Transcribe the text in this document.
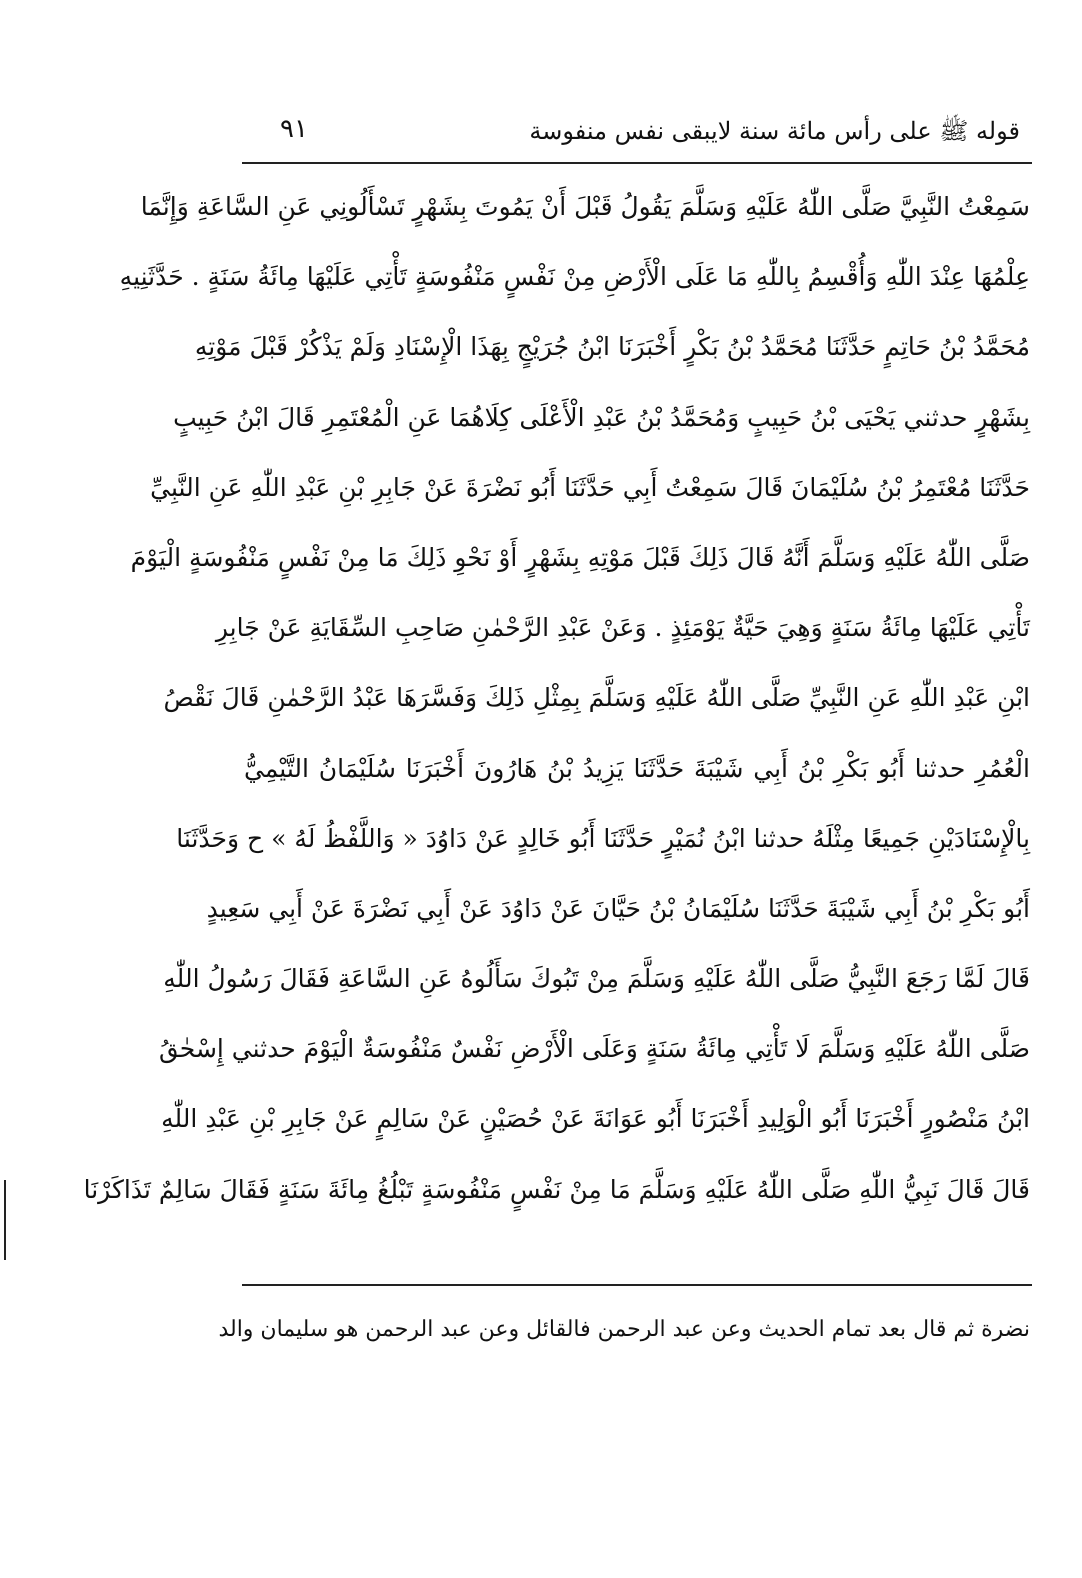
قوله ﷺ على رأس مائة سنة لايبقى نفس منفوسة
٩١
سَمِعْتُ النَّبِيَّ صَلَّى اللّٰهُ عَلَيْهِ وَسَلَّمَ يَقُولُ قَبْلَ أَنْ يَمُوتَ بِشَهْرٍ تَسْأَلُونِي عَنِ السَّاعَةِ وَإِنَّمَا
عِلْمُهَا عِنْدَ اللّٰهِ وَأُقْسِمُ بِاللّٰهِ مَا عَلَى الْأَرْضِ مِنْ نَفْسٍ مَنْفُوسَةٍ تَأْتِي عَلَيْهَا مِائَةُ سَنَةٍ . حَدَّثَنِيهِ
مُحَمَّدُ بْنُ حَاتِمٍ حَدَّثَنَا مُحَمَّدُ بْنُ بَكْرٍ أَخْبَرَنَا ابْنُ جُرَيْجٍ بِهَذَا الْإِسْنَادِ وَلَمْ يَذْكُرْ قَبْلَ مَوْتِهِ
بِشَهْرٍ حدثني يَحْيَى بْنُ حَبِيبٍ وَمُحَمَّدُ بْنُ عَبْدِ الْأَعْلَى كِلَاهُمَا عَنِ الْمُعْتَمِرِ قَالَ ابْنُ حَبِيبٍ
حَدَّثَنَا مُعْتَمِرُ بْنُ سُلَيْمَانَ قَالَ سَمِعْتُ أَبِي حَدَّثَنَا أَبُو نَضْرَةَ عَنْ جَابِرِ بْنِ عَبْدِ اللّٰهِ عَنِ النَّبِيِّ
صَلَّى اللّٰهُ عَلَيْهِ وَسَلَّمَ أَنَّهُ قَالَ ذَلِكَ قَبْلَ مَوْتِهِ بِشَهْرٍ أَوْ نَحْوِ ذَلِكَ مَا مِنْ نَفْسٍ مَنْفُوسَةٍ الْيَوْمَ
تَأْتِي عَلَيْهَا مِائَةُ سَنَةٍ وَهِيَ حَيَّةٌ يَوْمَئِذٍ . وَعَنْ عَبْدِ الرَّحْمٰنِ صَاحِبِ السِّقَايَةِ عَنْ جَابِرِ
ابْنِ عَبْدِ اللّٰهِ عَنِ النَّبِيِّ صَلَّى اللّٰهُ عَلَيْهِ وَسَلَّمَ بِمِثْلِ ذَلِكَ وَفَسَّرَهَا عَبْدُ الرَّحْمٰنِ قَالَ نَقْصُ
الْعُمُرِ حدثنا أَبُو بَكْرِ بْنُ أَبِي شَيْبَةَ حَدَّثَنَا يَزِيدُ بْنُ هَارُونَ أَخْبَرَنَا سُلَيْمَانُ التَّيْمِيُّ
بِالْإِسْنَادَيْنِ جَمِيعًا مِثْلَهُ حدثنا ابْنُ نُمَيْرٍ حَدَّثَنَا أَبُو خَالِدٍ عَنْ دَاوُدَ « وَاللَّفْظُ لَهُ » ح وَحَدَّثَنَا
أَبُو بَكْرِ بْنُ أَبِي شَيْبَةَ حَدَّثَنَا سُلَيْمَانُ بْنُ حَيَّانَ عَنْ دَاوُدَ عَنْ أَبِي نَضْرَةَ عَنْ أَبِي سَعِيدٍ
قَالَ لَمَّا رَجَعَ النَّبِيُّ صَلَّى اللّٰهُ عَلَيْهِ وَسَلَّمَ مِنْ تَبُوكَ سَأَلُوهُ عَنِ السَّاعَةِ فَقَالَ رَسُولُ اللّٰهِ
صَلَّى اللّٰهُ عَلَيْهِ وَسَلَّمَ لَا تَأْتِي مِائَةُ سَنَةٍ وَعَلَى الْأَرْضِ نَفْسٌ مَنْفُوسَةٌ الْيَوْمَ حدثني إِسْحٰقُ
ابْنُ مَنْصُورٍ أَخْبَرَنَا أَبُو الْوَلِيدِ أَخْبَرَنَا أَبُو عَوَانَةَ عَنْ حُصَيْنٍ عَنْ سَالِمٍ عَنْ جَابِرِ بْنِ عَبْدِ اللّٰهِ
قَالَ قَالَ نَبِيُّ اللّٰهِ صَلَّى اللّٰهُ عَلَيْهِ وَسَلَّمَ مَا مِنْ نَفْسٍ مَنْفُوسَةٍ تَبْلُغُ مِائَةَ سَنَةٍ فَقَالَ سَالِمٌ تَذَاكَرْنَا
نضرة ثم قال بعد تمام الحديث وعن عبد الرحمن فالقائل وعن عبد الرحمن هو سليمان والد
